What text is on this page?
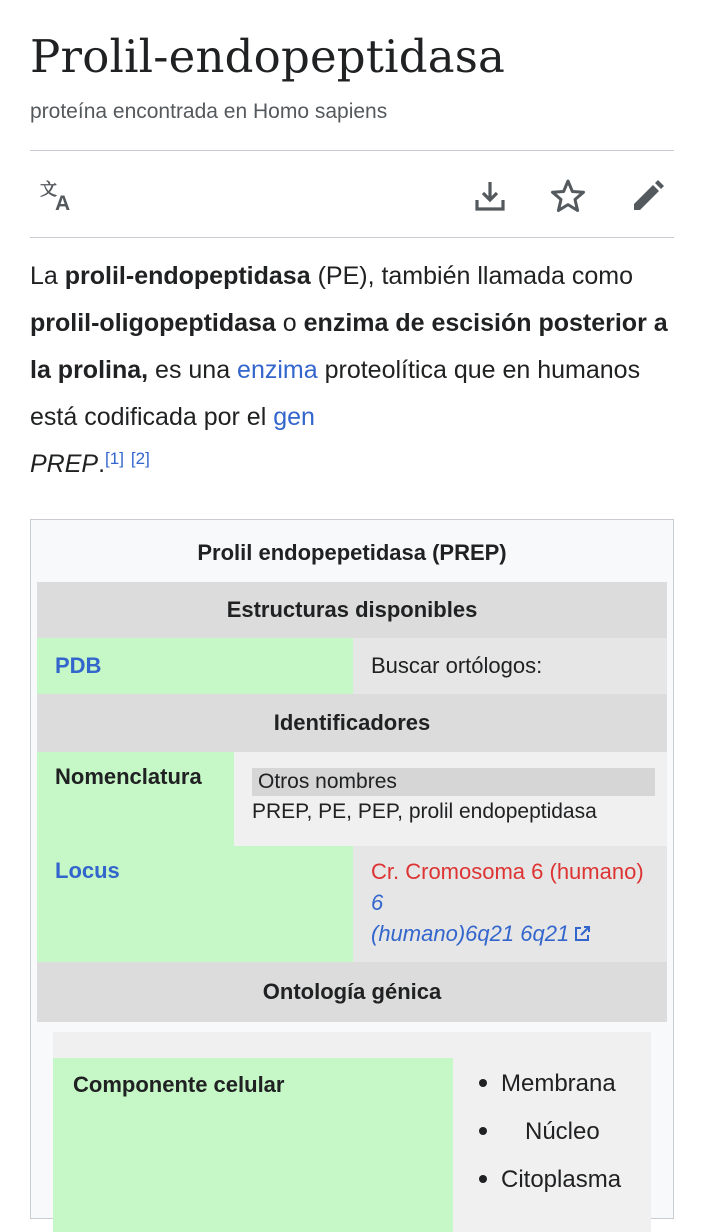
Prolil-endopeptidasa
proteína encontrada en Homo sapiens
文
A

La prolil-endopeptidasa (PE), también llamada como prolil-oligopeptidasa o enzima de escisión posterior a la prolina, es una enzima proteolítica que en humanos está codificada por el gen
PREP.[1] [2]

Prolil endopepetidasa (PREP)
Estructuras disponibles
PDB	Buscar ortólogos:
Identificadores
Nomenclatura	Otros nombres
PREP, PE, PEP, prolil endopeptidasa
Locus	Cr. Cromosoma 6 (humano) 6
(humano)6q21 6q21
Ontología génica
Componente celular	Membrana
Núcleo
Citoplasma
